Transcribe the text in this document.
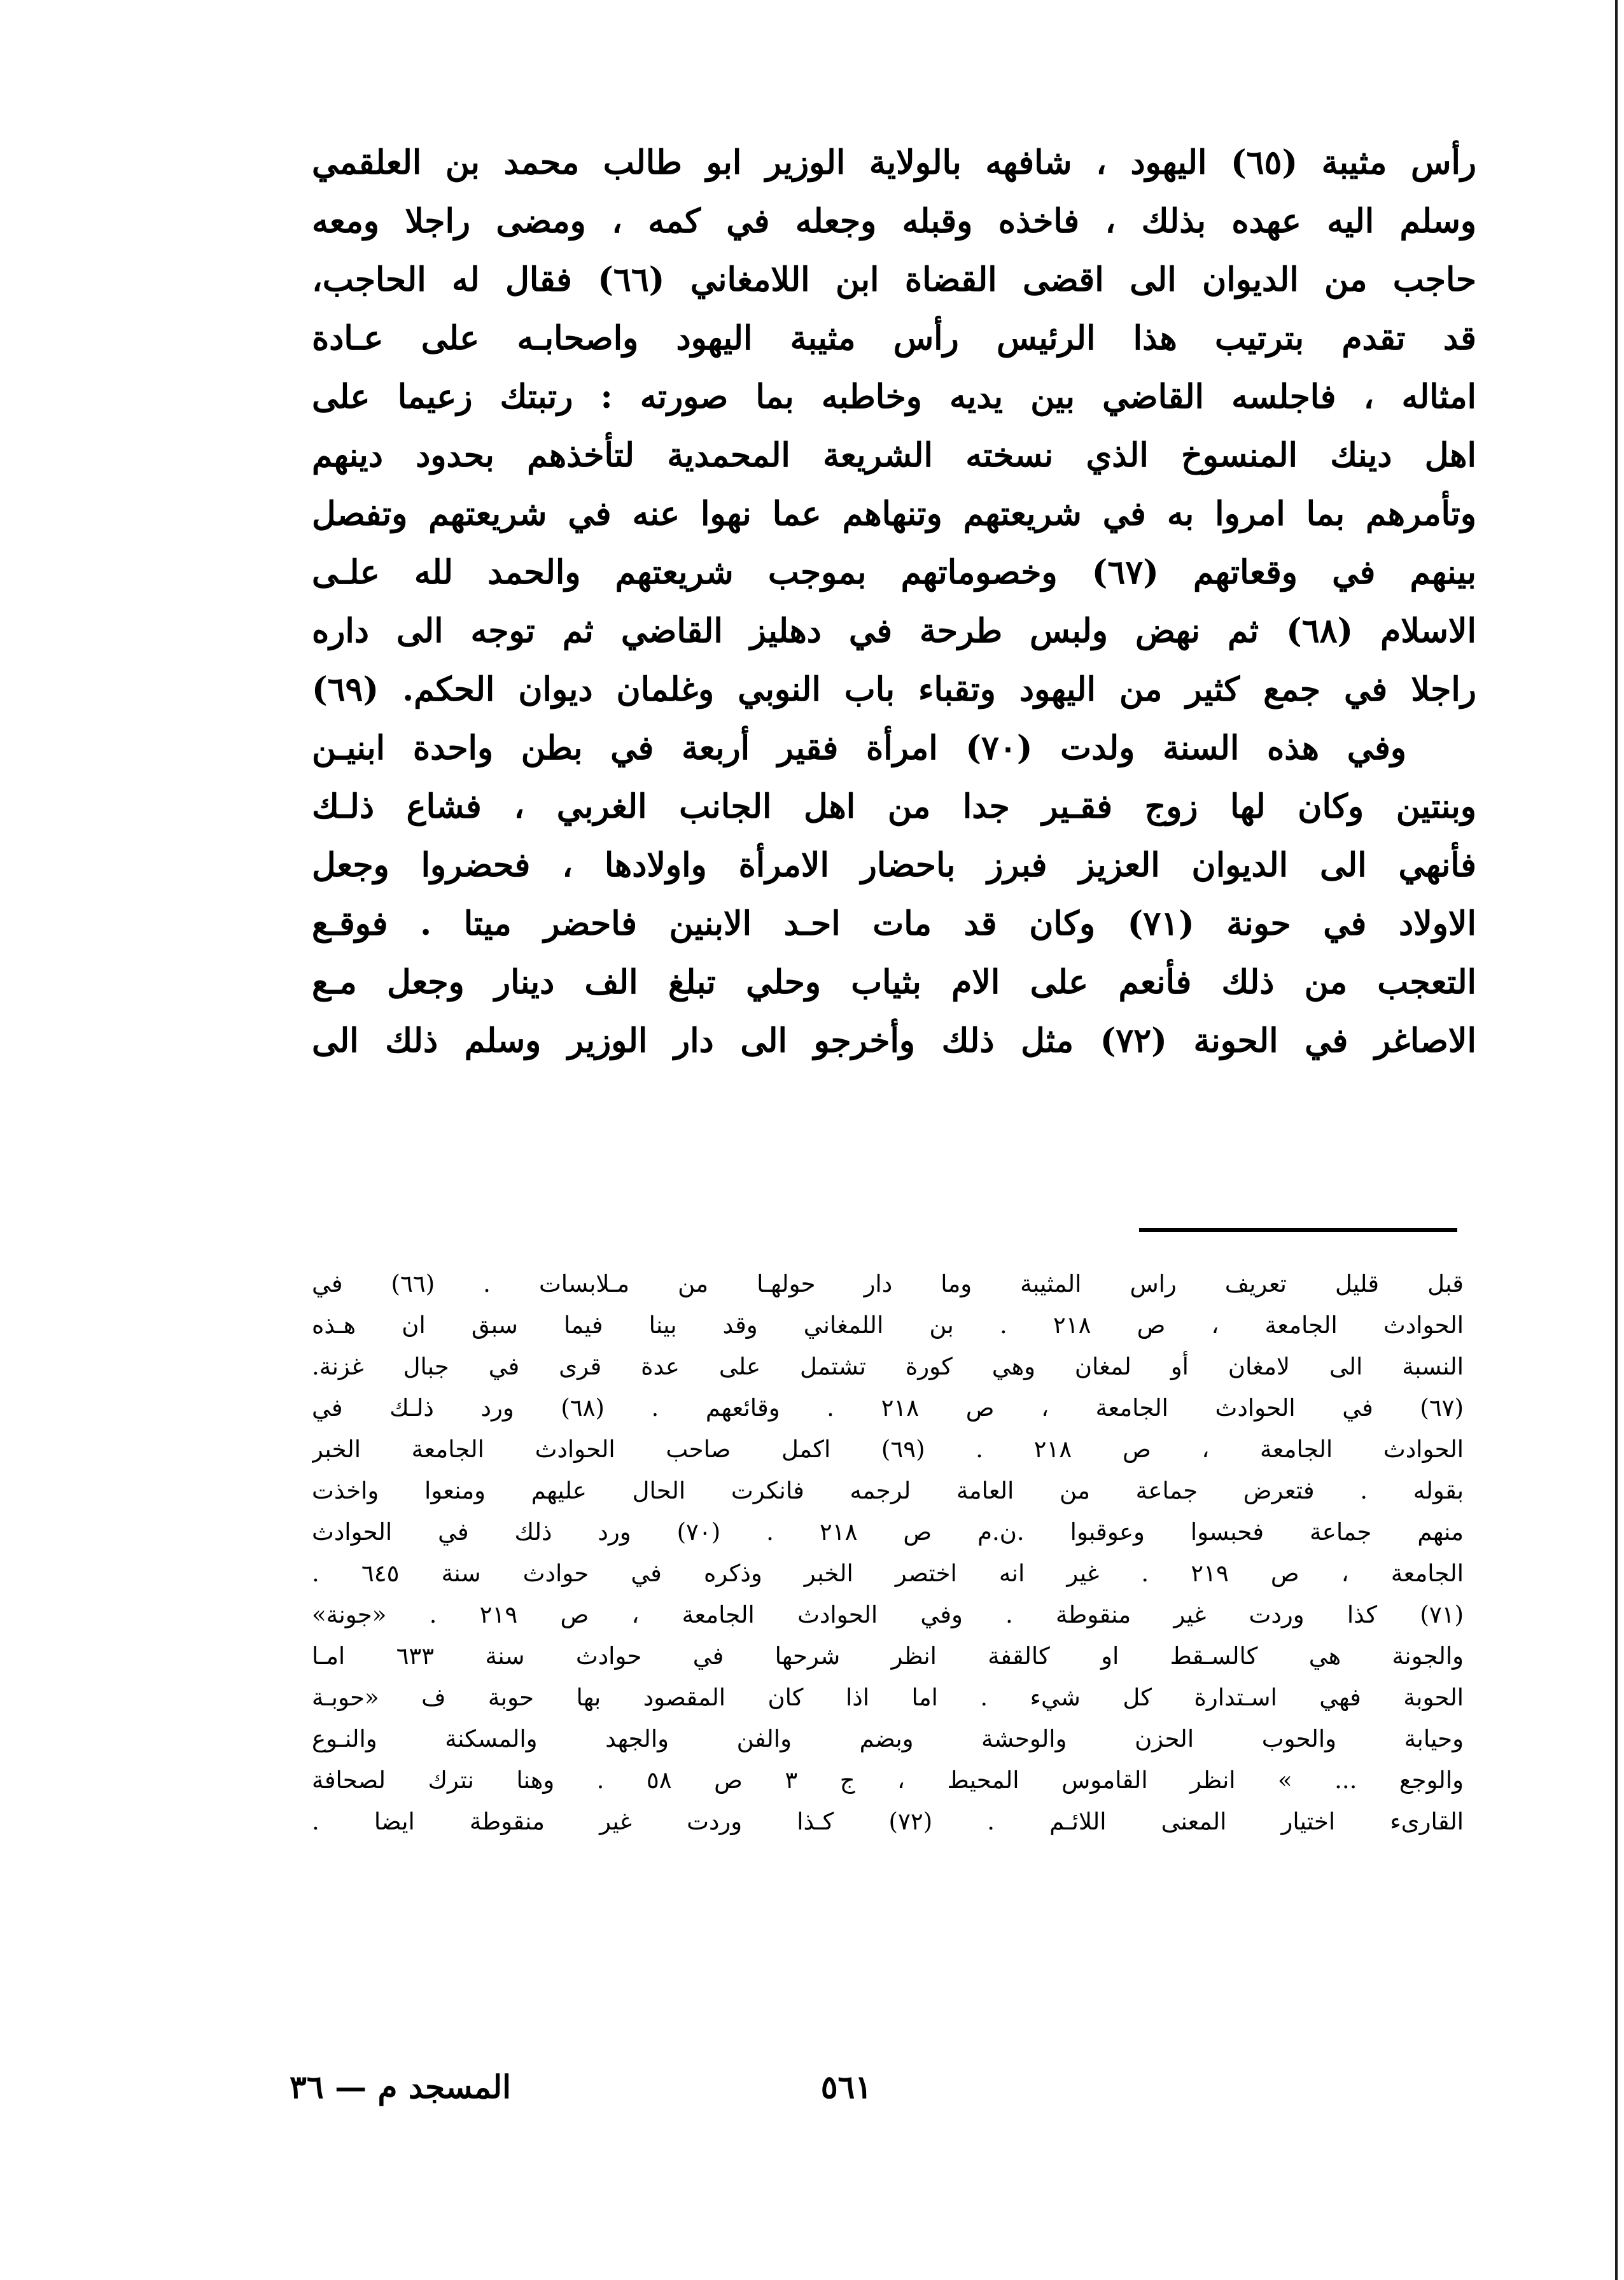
رأس مثيبة (٦٥) اليهود ، شافهه بالولاية الوزير ابو طالب محمد بن العلقمي
وسلم اليه عهده بذلك ، فاخذه وقبله وجعله في كمه ، ومضى راجلا ومعه
حاجب من الديوان الى اقضى القضاة ابن اللامغاني (٦٦) فقال له الحاجب،
قد تقدم بترتيب هذا الرئيس رأس مثيبة اليهود واصحابـه على عـادة
امثاله ، فاجلسه القاضي بين يديه وخاطبه بما صورته : رتبتك زعيما على
اهل دينك المنسوخ الذي نسخته الشريعة المحمدية لتأخذهم بحدود دينهم
وتأمرهم بما امروا به في شريعتهم وتنهاهم عما نهوا عنه في شريعتهم وتفصل
بينهم في وقعاتهم (٦٧) وخصوماتهم بموجب شريعتهم والحمد لله علـى
الاسلام (٦٨) ثم نهض ولبس طرحة في دهليز القاضي ثم توجه الى داره
راجلا في جمع كثير من اليهود وتقباء باب النوبي وغلمان ديوان الحكم. (٦٩)
وفي هذه السنة ولدت (٧٠) امرأة فقير أربعة في بطن واحدة ابنيـن
وبنتين وكان لها زوج فقـير جدا من اهل الجانب الغربي ، فشاع ذلـك
فأنهي الى الديوان العزيز فبرز باحضار الامرأة واولادها ، فحضروا وجعل
الاولاد في حونة (٧١) وكان قد مات احـد الابنين فاحضر ميتا . فوقـع
التعجب من ذلك فأنعم على الام بثياب وحلي تبلغ الف دينار وجعل مـع
الاصاغر في الحونة (٧٢) مثل ذلك وأخرجو الى دار الوزير وسلم ذلك الى
قبل قليل تعريف راس المثيبة وما دار حولهـا من مـلابسات . (٦٦) في
الحوادث الجامعة ، ص ٢١٨ . بن اللمغاني وقد بينا فيما سبق ان هـذه
النسبة الى لامغان أو لمغان وهي كورة تشتمل على عدة قرى في جبال غزنة.
(٦٧) في الحوادث الجامعة ، ص ٢١٨ . وقائعهم . (٦٨) ورد ذلـك في
الحوادث الجامعة ، ص ٢١٨ . (٦٩) اكمل صاحب الحوادث الجامعة الخبر
بقوله . فتعرض جماعة من العامة لرجمه فانكرت الحال عليهم ومنعوا واخذت
منهم جماعة فحبسوا وعوقبوا .ن.م ص ٢١٨ . (٧٠) ورد ذلك في الحوادث
الجامعة ، ص ٢١٩ . غير انه اختصر الخبر وذكره في حوادث سنة ٦٤٥ .
(٧١) كذا وردت غير منقوطة . وفي الحوادث الجامعة ، ص ٢١٩ . «جونة»
والجونة هي كالسـقط او كالقفة انظر شرحها في حوادث سنة ٦٣٣ امـا
الحوبة فهي اسـتدارة كل شيء . اما اذا كان المقصود بها حوبة ف «حوبـة
وحيابة والحوب الحزن والوحشة وبضم والفن والجهد والمسكنة والنـوع
والوجع ... » انظر القاموس المحيط ، ج ٣ ص ٥٨ . وهنا نترك لصحافة
القارىء اختيار المعنى اللائـم . (٧٢) كـذا وردت غير منقوطة ايضا .
المسجد م — ٣٦	٥٦١
